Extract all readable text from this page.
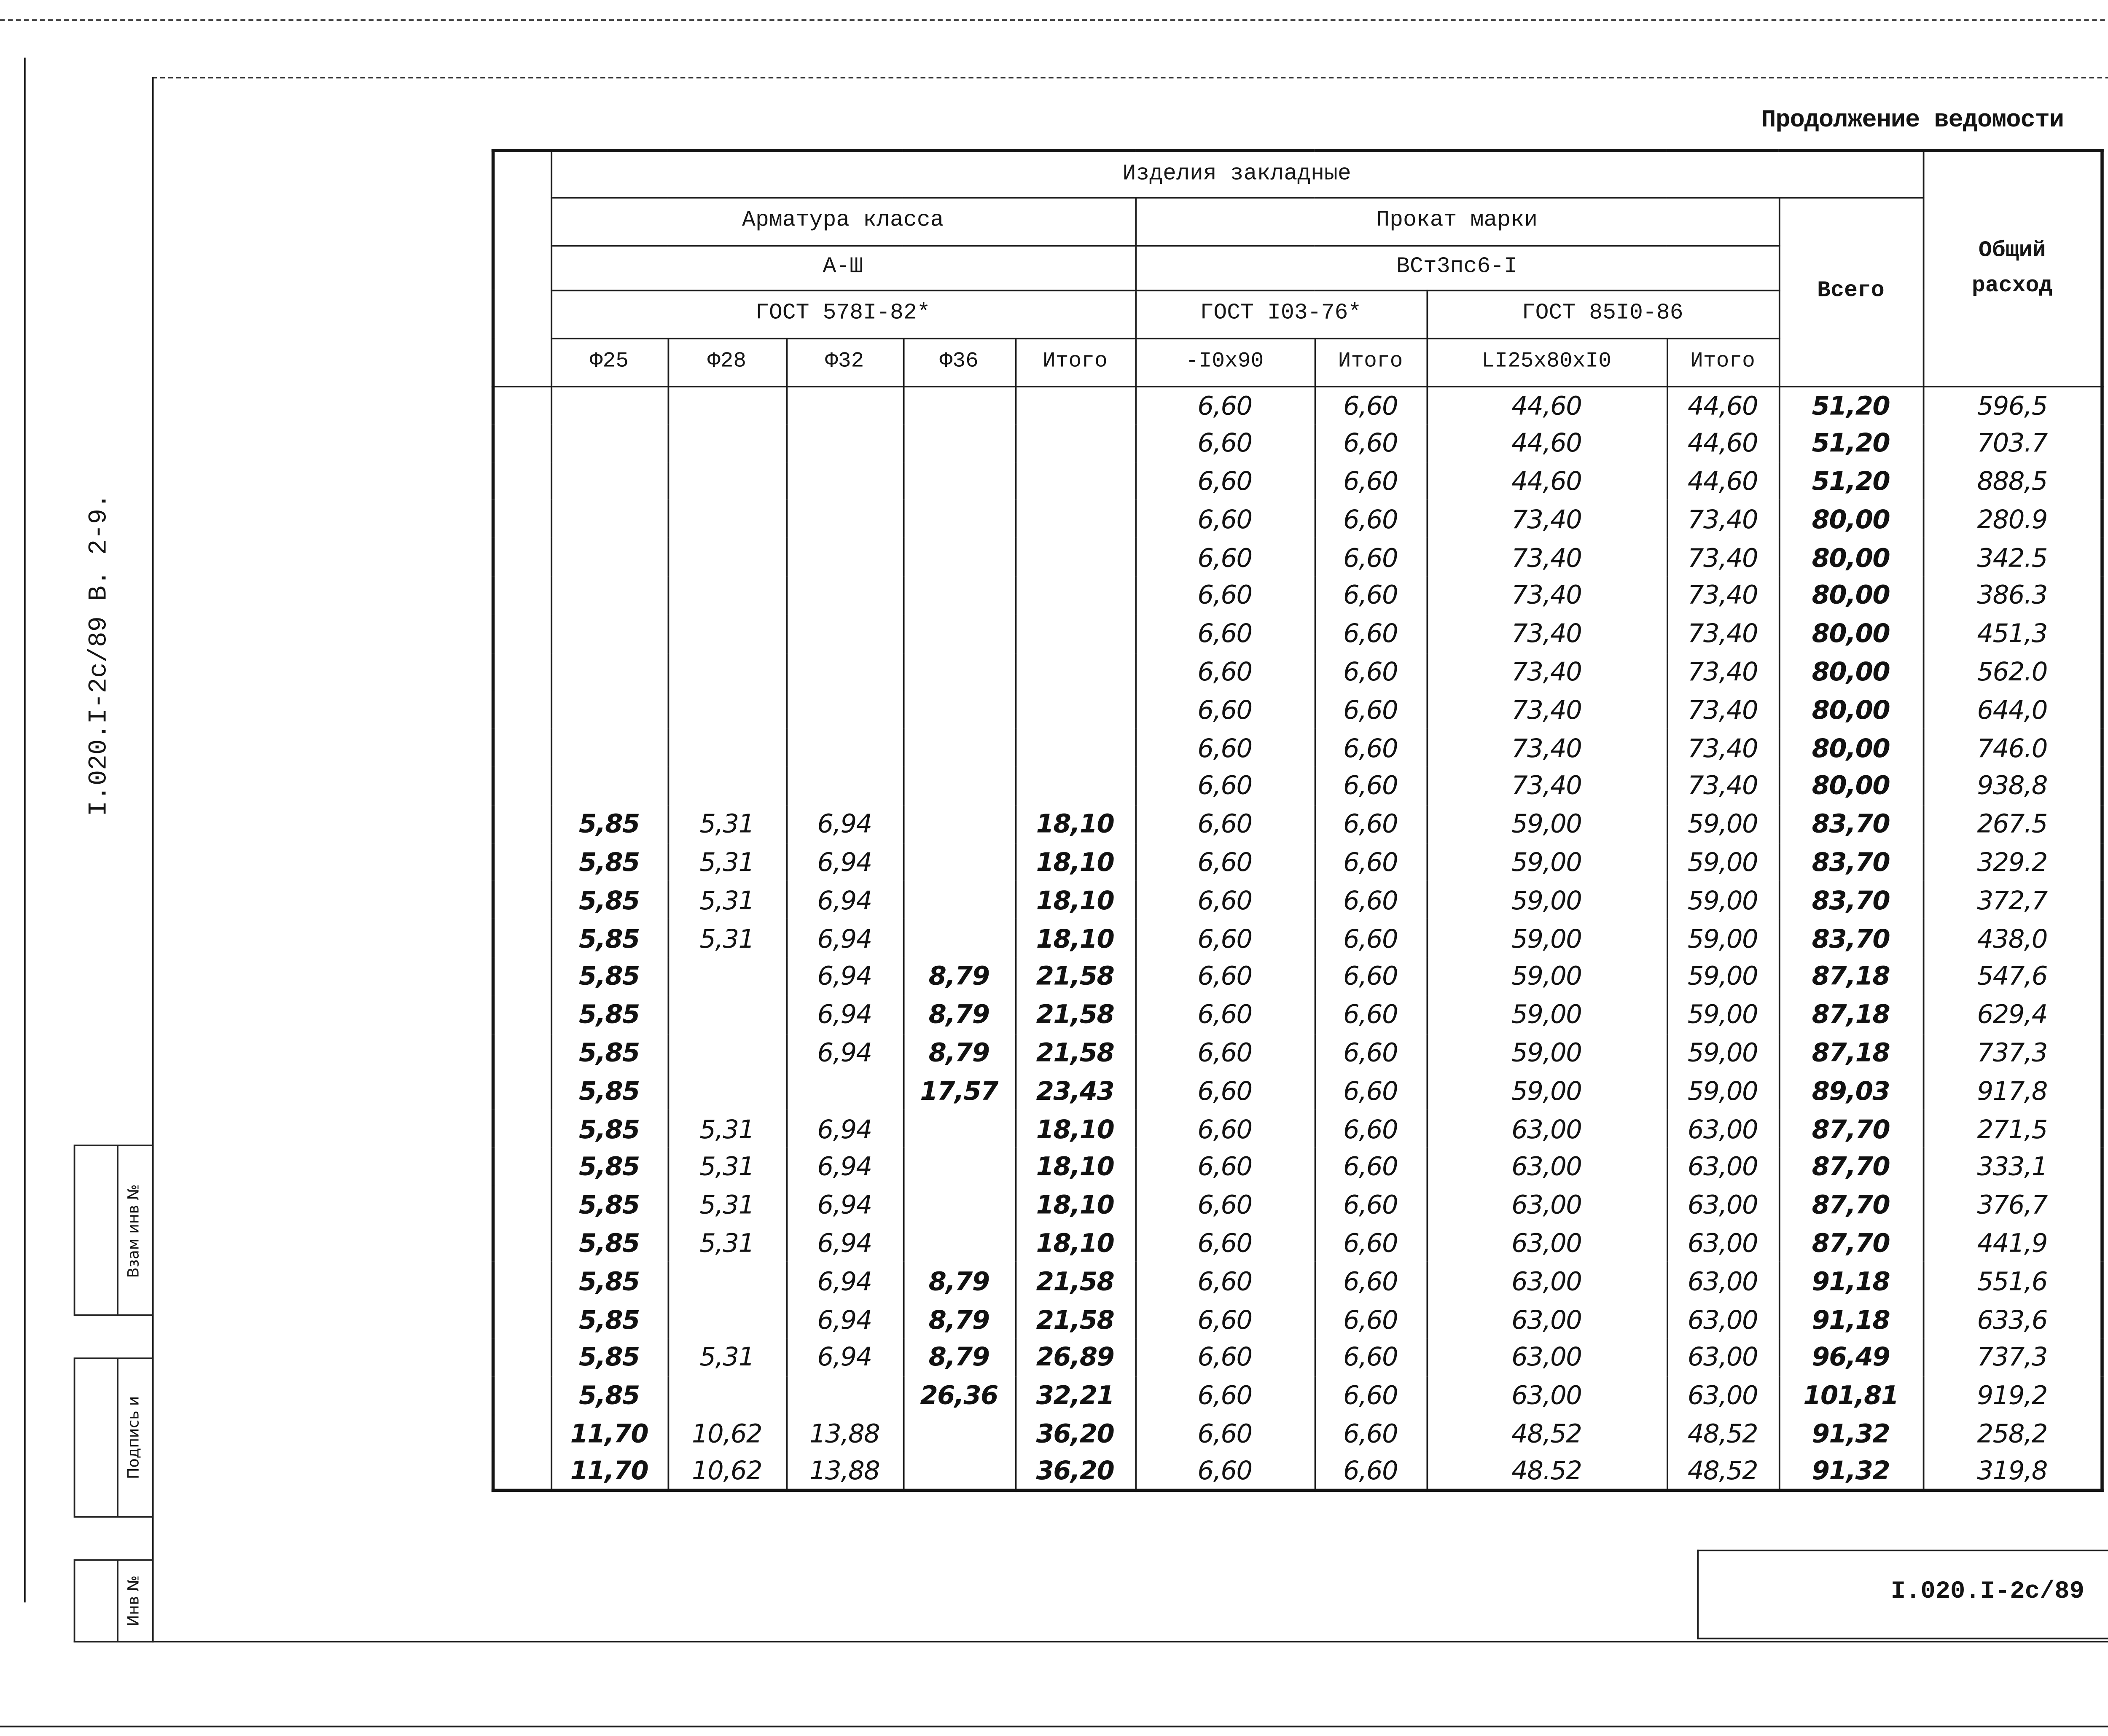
Продолжение ведомости
I.020.I-2с/89 В. 2-9.
Взам инв №
Подпись и
Инв №
	Изделия закладные										Общий
расход
	Арматура класса					Прокат марки				Всего	
	А-Ш					ВСт3пс6-I					
	ГОСТ 578I-82*					ГОСТ I03-76*		ГОСТ 85I0-86			
	Ф25	Ф28	Ф32	Ф36	Итого	-I0х90	Итого	LI25х80хI0	Итого		
						6,60	6,60	44,60	44,60	51,20	596,5
						6,60	6,60	44,60	44,60	51,20	703.7
						6,60	6,60	44,60	44,60	51,20	888,5
						6,60	6,60	73,40	73,40	80,00	280.9
						6,60	6,60	73,40	73,40	80,00	342.5
						6,60	6,60	73,40	73,40	80,00	386.3
						6,60	6,60	73,40	73,40	80,00	451,3
						6,60	6,60	73,40	73,40	80,00	562.0
						6,60	6,60	73,40	73,40	80,00	644,0
						6,60	6,60	73,40	73,40	80,00	746.0
						6,60	6,60	73,40	73,40	80,00	938,8
	5,85	5,31	6,94		18,10	6,60	6,60	59,00	59,00	83,70	267.5
	5,85	5,31	6,94		18,10	6,60	6,60	59,00	59,00	83,70	329.2
	5,85	5,31	6,94		18,10	6,60	6,60	59,00	59,00	83,70	372,7
	5,85	5,31	6,94		18,10	6,60	6,60	59,00	59,00	83,70	438,0
	5,85		6,94	8,79	21,58	6,60	6,60	59,00	59,00	87,18	547,6
	5,85		6,94	8,79	21,58	6,60	6,60	59,00	59,00	87,18	629,4
	5,85		6,94	8,79	21,58	6,60	6,60	59,00	59,00	87,18	737,3
	5,85			17,57	23,43	6,60	6,60	59,00	59,00	89,03	917,8
	5,85	5,31	6,94		18,10	6,60	6,60	63,00	63,00	87,70	271,5
	5,85	5,31	6,94		18,10	6,60	6,60	63,00	63,00	87,70	333,1
	5,85	5,31	6,94		18,10	6,60	6,60	63,00	63,00	87,70	376,7
	5,85	5,31	6,94		18,10	6,60	6,60	63,00	63,00	87,70	441,9
	5,85		6,94	8,79	21,58	6,60	6,60	63,00	63,00	91,18	551,6
	5,85		6,94	8,79	21,58	6,60	6,60	63,00	63,00	91,18	633,6
	5,85	5,31	6,94	8,79	26,89	6,60	6,60	63,00	63,00	96,49	737,3
	5,85			26,36	32,21	6,60	6,60	63,00	63,00	101,81	919,2
	11,70	10,62	13,88		36,20	6,60	6,60	48,52	48,52	91,32	258,2
	11,70	10,62	13,88		36,20	6,60	6,60	48.52	48,52	91,32	319,8
I.020.I-2с/89
